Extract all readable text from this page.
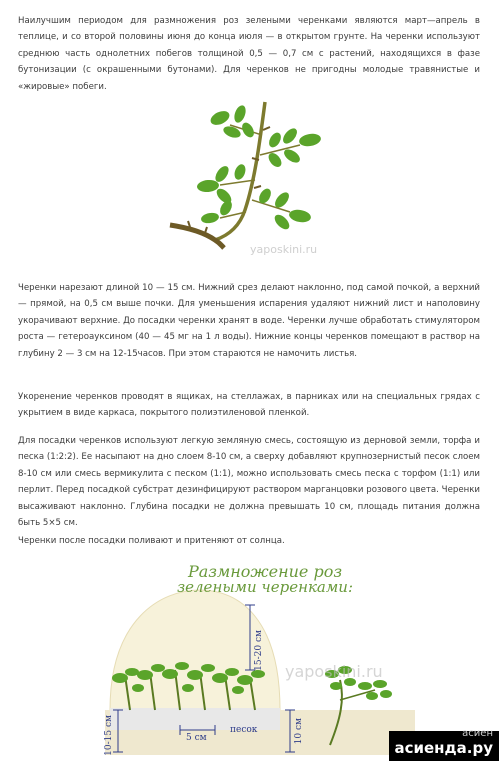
Наилучшим периодом для размножения роз зелеными черенками являются март—апрель в теплице, и со второй половины июня до конца июля — в открытом грунте. На черенки используют среднюю часть однолетних побегов толщиной 0,5 — 0,7 см с растений, находящихся в фазе бутонизации (с окрашенными бутонами). Для черенков не пригодны молодые травянистые и «жировые» побеги.

yaposkini.ru

Черенки нарезают длиной 10 — 15 см. Нижний срез делают наклонно, под самой почкой, а верхний — прямой, на 0,5 см выше почки. Для уменьшения испарения удаляют нижний лист и наполовину укорачивают верхние. До посадки черенки хранят в воде. Черенки лучше обработать стимулятором роста — гетероауксином (40 — 45 мг на 1 л воды). Нижние концы черенков помещают в раствор на глубину 2 — 3 см на 12-15часов. При этом стараются не намочить листья.

Укоренение черенков проводят в ящиках, на стеллажах, в парниках или на специальных грядах с укрытием в виде каркаса, покрытого полиэтиленовой пленкой.

Для посадки черенков используют легкую земляную смесь, состоящую из дерновой земли, торфа и песка (1:2:2). Ее насыпают на дно слоем 8-10 см, а сверху добавляют крупнозернистый песок слоем 8-10 см или смесь вермикулита с песком (1:1), можно использовать смесь песка с торфом (1:1) или перлит. Перед посадкой субстрат дезинфицируют раствором марганцовки розового цвета. Черенки высаживают наклонно. Глубина посадки не должна превышать 10 см, площадь питания должна быть 5×5 см.

Черенки после посадки поливают и притеняют от солнца.

Размножение роз
зелеными черенками:
15-20 см
10-15 см	5 см
песок	10 см
yaposkini.ru
асиен
асиенда.ру
